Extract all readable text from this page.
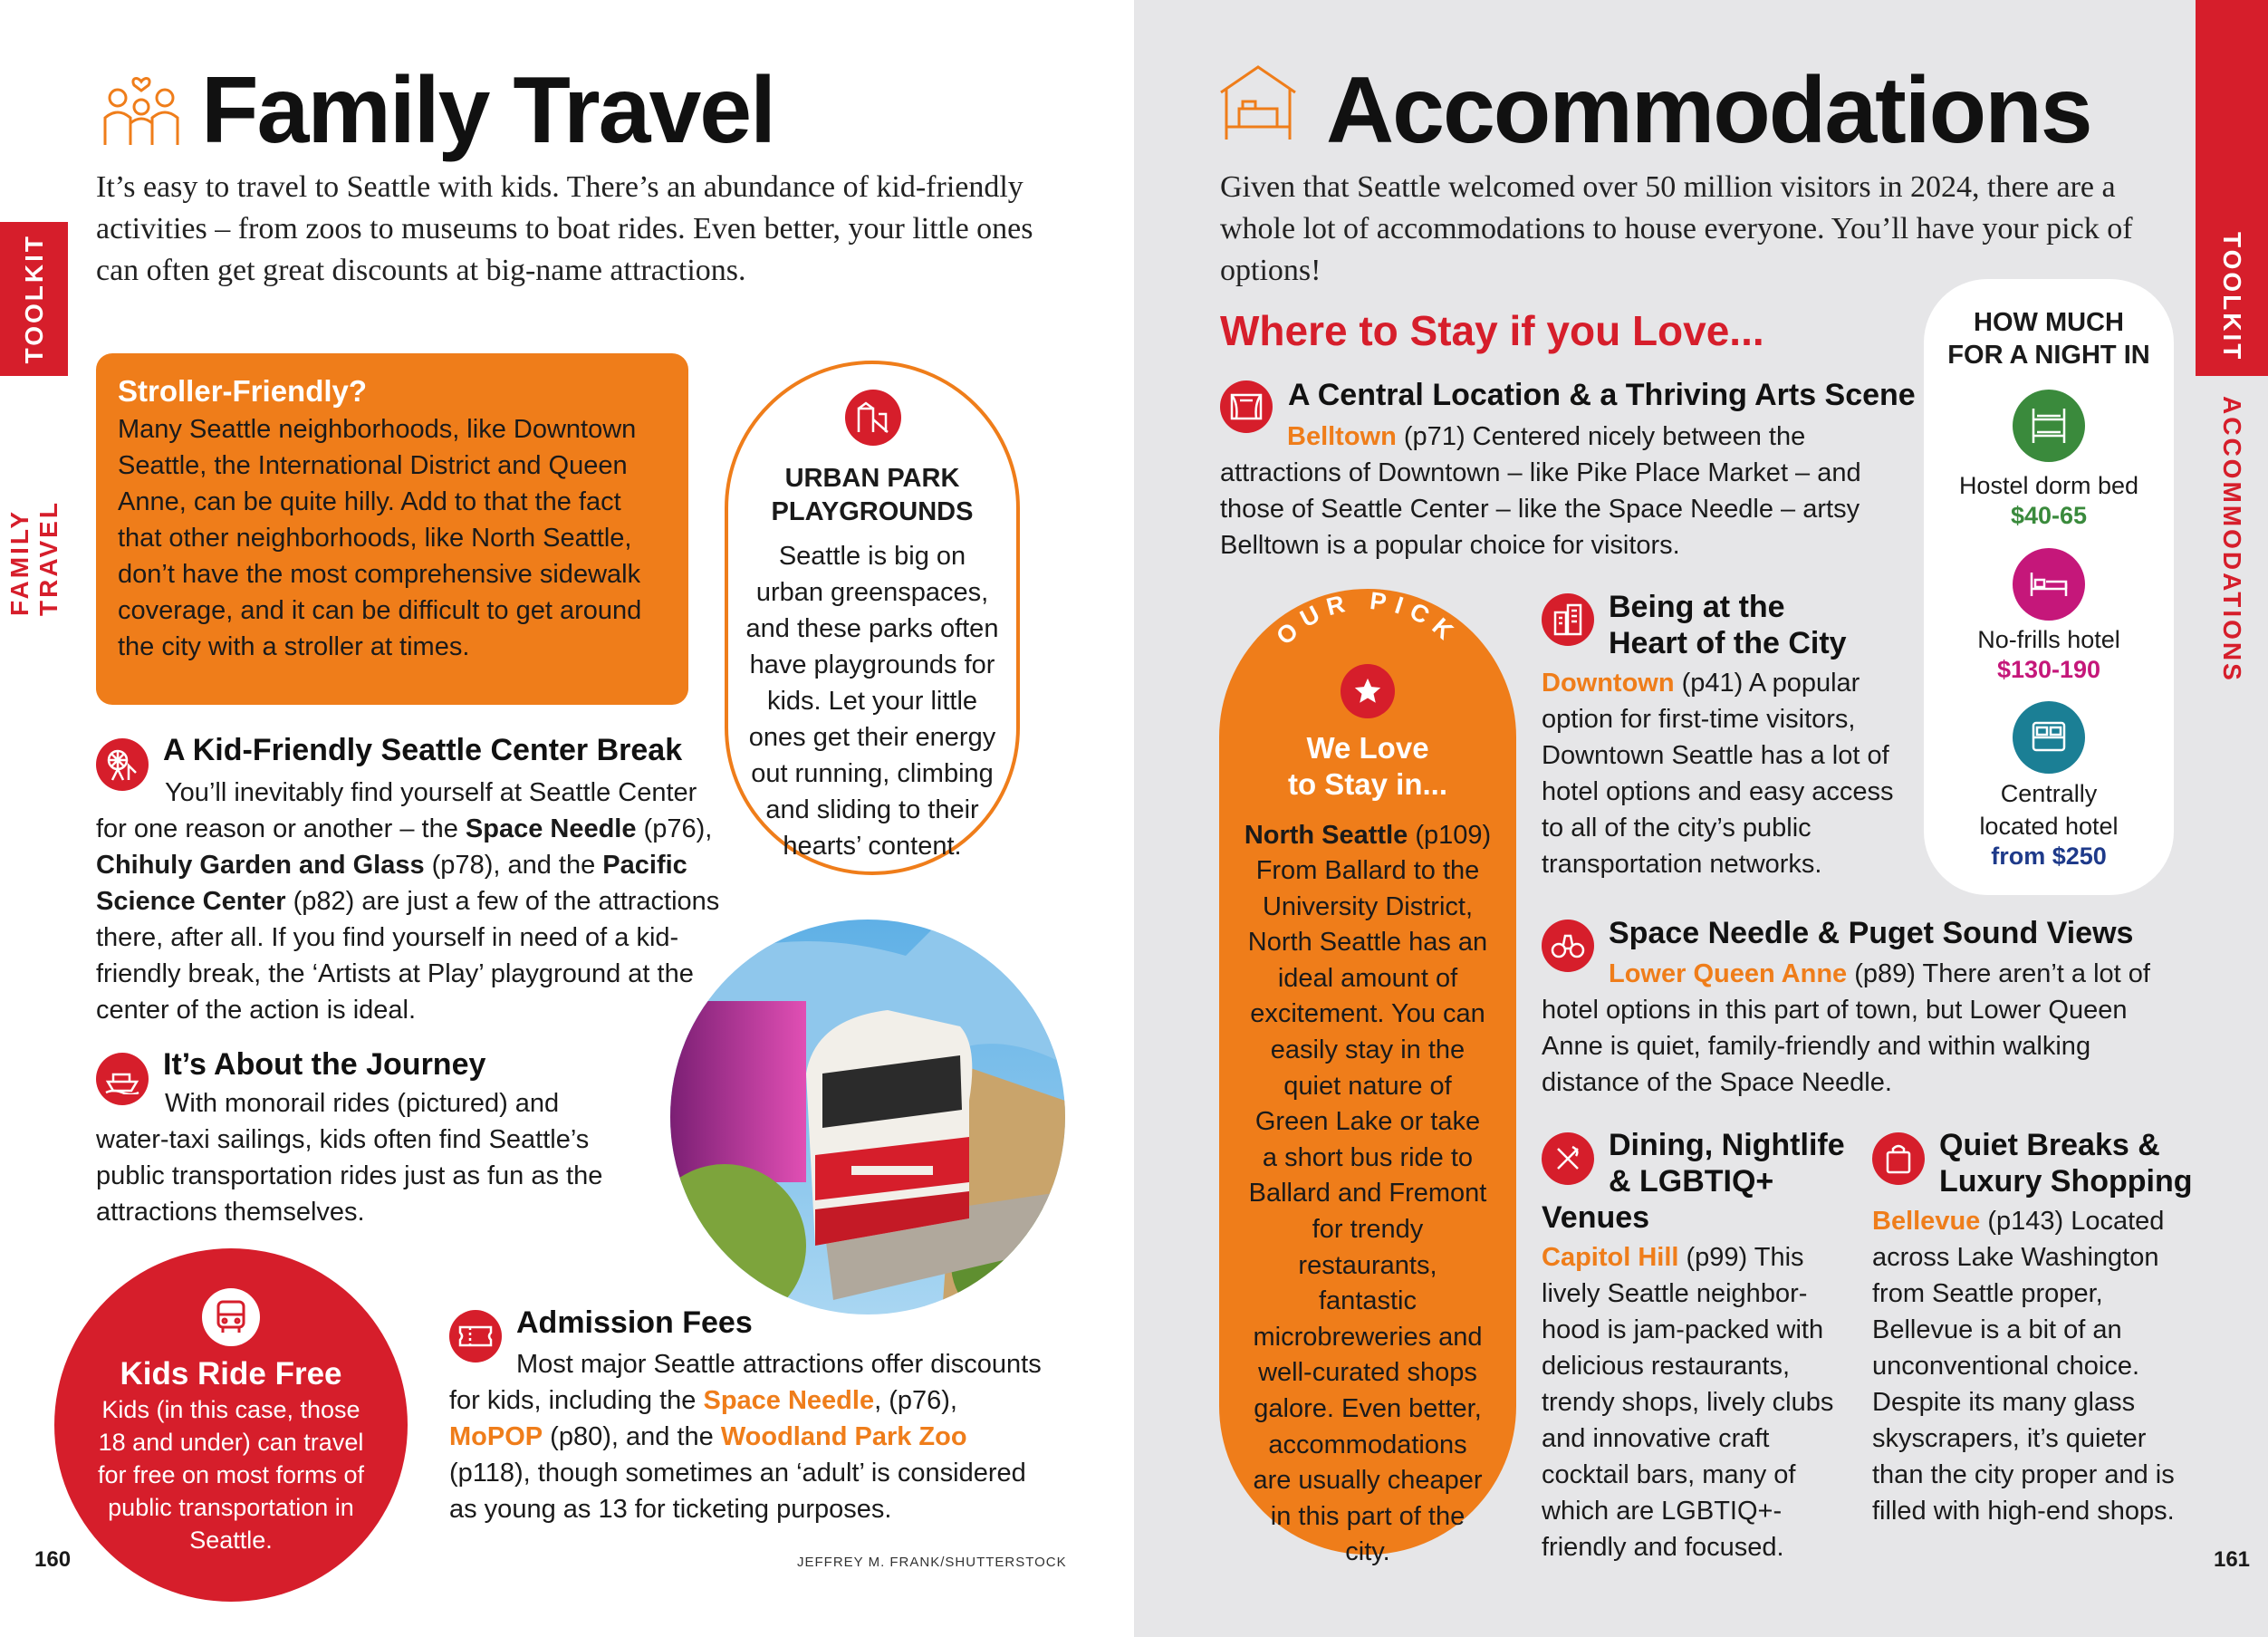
TOOLKIT
FAMILY TRAVEL
Family Travel

It’s easy to travel to Seattle with kids. There’s an abundance of kid-friendly activities – from zoos to museums to boat rides. Even better, your little ones can often get great discounts at big-name attractions.

Stroller-Friendly?

Many Seattle neighborhoods, like Downtown Seattle, the International District and Queen Anne, can be quite hilly. Add to that the fact that other neighborhoods, like North Seattle, don’t have the most comprehensive sidewalk coverage, and it can be difficult to get around the city with a stroller at times.

URBAN PARK PLAYGROUNDS

Seattle is big on urban greenspaces, and these parks often have playgrounds for kids. Let your little ones get their energy out running, climbing and sliding to their hearts’ content.

A Kid-Friendly Seattle Center Break

You’ll inevitably find yourself at Seattle Center for one reason or another – the Space Needle (p76), Chihuly Garden and Glass (p78), and the Pacific Science Center (p82) are just a few of the attractions there, after all. If you find yourself in need of a kid-friendly break, the ‘Artists at Play’ playground at the center of the action is ideal.

It’s About the Journey

With monorail rides (pictured) and water-taxi sailings, kids often find Seattle’s public transportation rides just as fun as the attractions themselves.

Kids Ride Free

Kids (in this case, those 18 and under) can travel for free on most forms of public transportation in Seattle.

Admission Fees

Most major Seattle attractions offer discounts for kids, including the Space Needle, (p76), MoPOP (p80), and the Woodland Park Zoo (p118), though sometimes an ‘adult’ is considered as young as 13 for ticketing purposes.

160	JEFFREY M. FRANK/SHUTTERSTOCK
TOOLKIT
ACCOMMODATIONS
Accommodations

Given that Seattle welcomed over 50 million visitors in 2024, there are a whole lot of accommodations to house everyone. You’ll have your pick of options!

Where to Stay if you Love...
A Central Location & a Thriving Arts Scene

Belltown (p71) Centered nicely between the attractions of Downtown – like Pike Place Market – and those of Seattle Center – like the Space Needle – artsy Belltown is a popular choice for visitors.

OUR PICK
We Love
to Stay in...
North Seattle (p109)

From Ballard to the University District, North Seattle has an ideal amount of excitement. You can easily stay in the quiet nature of Green Lake or take a short bus ride to Ballard and Fremont for trendy restaurants, fantastic microbreweries and well-curated shops galore. Even better, accommodations are usually cheaper in this part of the city.

Being at the
Heart of the City

Downtown (p41) A popular option for first-time visitors, Downtown Seattle has a lot of hotel options and easy access to all of the city’s public transportation networks.

Space Needle & Puget Sound Views

Lower Queen Anne (p89) There aren’t a lot of hotel options in this part of town, but Lower Queen Anne is quiet, family-friendly and within walking distance of the Space Needle.

Dining, Nightlife
& LGBTIQ+
Venues

Capitol Hill (p99) This lively Seattle neighbor-hood is jam-packed with delicious restaurants, trendy shops, lively clubs and innovative craft cocktail bars, many of which are LGBTIQ+-friendly and focused.

Quiet Breaks &
Luxury Shopping

Bellevue (p143) Located across Lake Washington from Seattle proper, Bellevue is a bit of an unconventional choice. Despite its many glass skyscrapers, it’s quieter than the city proper and is filled with high-end shops.

HOW MUCH FOR A NIGHT IN
Hostel dorm bed
$40-65
No-frills hotel
$130-190
Centrally located hotel
from $250
161
